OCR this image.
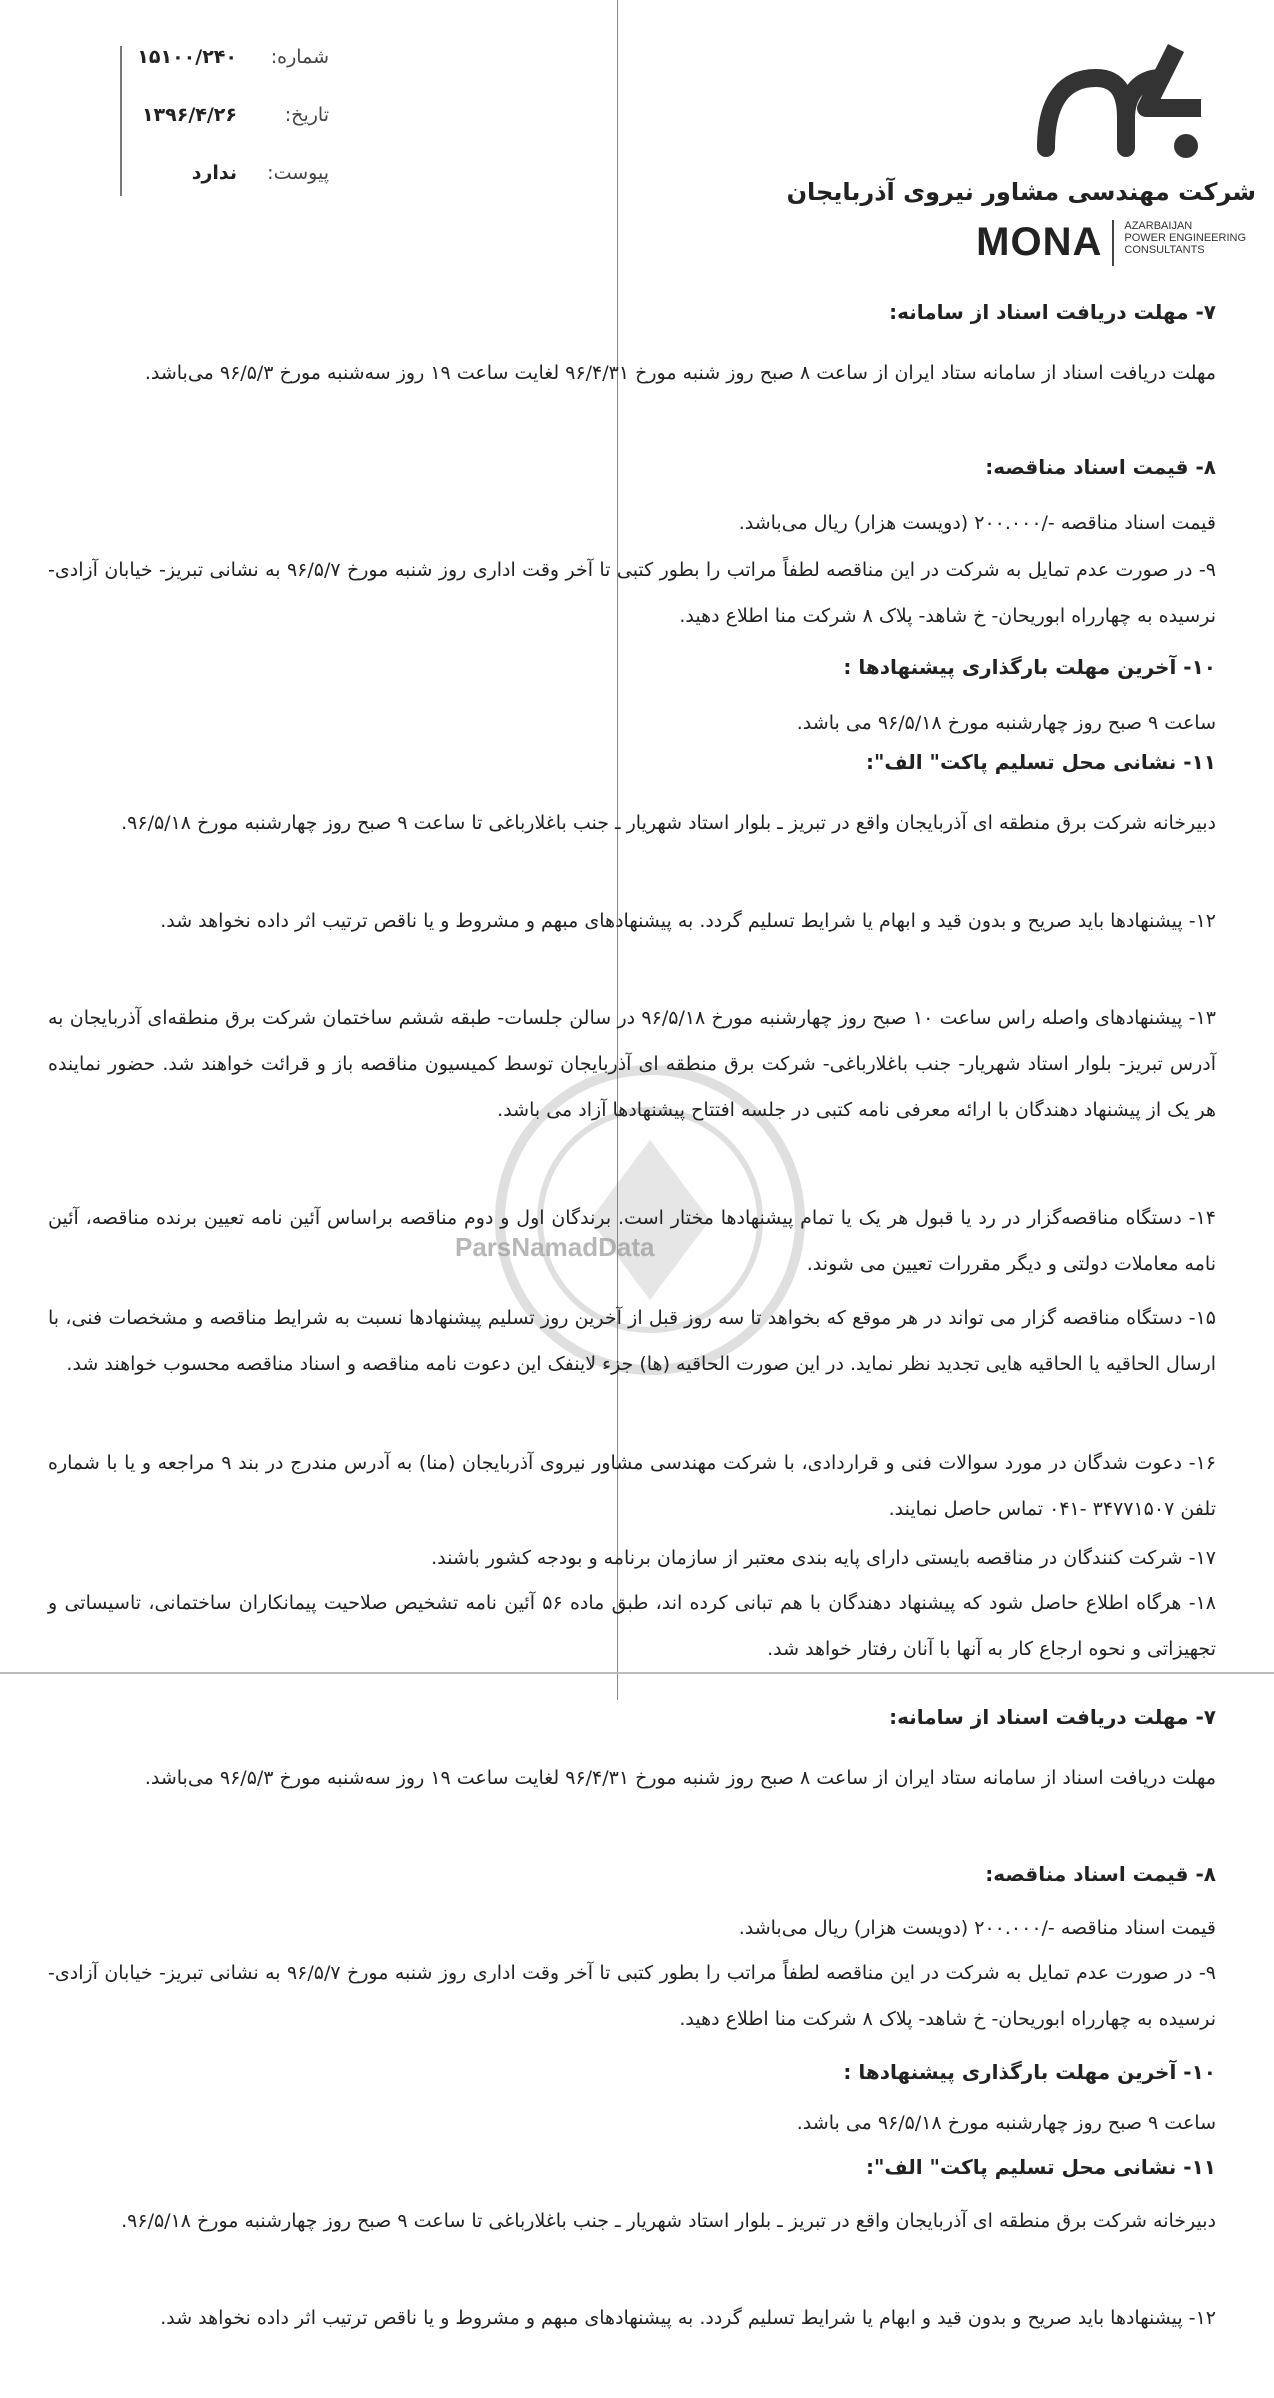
شرکت مهندسی مشاور نیروی آذربایجان
MONA AZARBAIJAN
POWER ENGINEERING
CONSULTANTS
شماره:
۱۵۱۰۰/۲۴۰
تاریخ:
۱۳۹۶/۴/۲۶
پیوست:
ندارد
ParsNamadData
۷- مهلت دریافت اسناد از سامانه:
مهلت دریافت اسناد از سامانه ستاد ایران از ساعت ۸ صبح روز شنبه مورخ ۹۶/۴/۳۱ لغایت ساعت ۱۹ روز سه‌شنبه مورخ ۹۶/۵/۳ می‌باشد.
۸- قیمت اسناد مناقصه:
قیمت اسناد مناقصه -/۲۰۰.۰۰۰ (دویست هزار) ریال می‌باشد.
۹- در صورت عدم تمایل به شرکت در این مناقصه لطفاً مراتب را بطور کتبی تا آخر وقت اداری روز شنبه مورخ ۹۶/۵/۷ به نشانی تبریز- خیابان آزادی- نرسیده به چهارراه ابوریحان- خ شاهد- پلاک ۸ شرکت منا اطلاع دهید.
۱۰- آخرین مهلت بارگذاری پیشنهادها :
ساعت ۹ صبح روز چهارشنبه مورخ ۹۶/۵/۱۸ می باشد.
۱۱- نشانی محل تسلیم پاکت" الف":
دبیرخانه شرکت برق منطقه ای آذربایجان واقع در تبریز ـ بلوار استاد شهریار ـ جنب باغلارباغی تا ساعت ۹ صبح روز چهارشنبه مورخ ۹۶/۵/۱۸.
۱۲- پیشنهادها باید صریح و بدون قید و ابهام یا شرایط تسلیم گردد. به پیشنهادهای مبهم و مشروط و یا ناقص ترتیب اثر داده نخواهد شد.
۱۳- پیشنهادهای واصله راس ساعت ۱۰ صبح روز چهارشنبه مورخ ۹۶/۵/۱۸ در سالن جلسات- طبقه ششم ساختمان شرکت برق منطقه‌ای آذربایجان به آدرس تبریز- بلوار استاد شهریار- جنب باغلارباغی- شرکت برق منطقه ای آذربایجان توسط کمیسیون مناقصه باز و قرائت خواهند شد. حضور نماینده هر یک از پیشنهاد دهندگان با ارائه معرفی نامه کتبی در جلسه افتتاح پیشنهادها آزاد می باشد.
۱۴- دستگاه مناقصه‌گزار در رد یا قبول هر یک یا تمام پیشنهادها مختار است. برندگان اول و دوم مناقصه براساس آئین نامه تعیین برنده مناقصه، آئین نامه معاملات دولتی و دیگر مقررات تعیین می شوند.
۱۵- دستگاه مناقصه گزار می تواند در هر موقع که بخواهد تا سه روز قبل از آخرین روز تسلیم پیشنهادها نسبت به شرایط مناقصه و مشخصات فنی، با ارسال الحاقیه یا الحاقیه هایی تجدید نظر نماید. در این صورت الحاقیه (ها) جزء لاینفک این دعوت نامه مناقصه و اسناد مناقصه محسوب خواهند شد.
۱۶- دعوت شدگان در مورد سوالات فنی و قراردادی، با شرکت مهندسی مشاور نیروی آذربایجان (منا) به آدرس مندرج در بند ۹ مراجعه و یا با شماره تلفن ۳۴۷۷۱۵۰۷ -۰۴۱ تماس حاصل نمایند.
۱۷- شرکت کنندگان در مناقصه بایستی دارای پایه بندی معتبر از سازمان برنامه و بودجه کشور باشند.
۱۸- هرگاه اطلاع حاصل شود که پیشنهاد دهندگان با هم تبانی کرده اند، طبق ماده ۵۶ آئین نامه تشخیص صلاحیت پیمانکاران ساختمانی، تاسیساتی و تجهیزاتی و نحوه ارجاع کار به آنها با آنان رفتار خواهد شد.
۷- مهلت دریافت اسناد از سامانه:
مهلت دریافت اسناد از سامانه ستاد ایران از ساعت ۸ صبح روز شنبه مورخ ۹۶/۴/۳۱ لغایت ساعت ۱۹ روز سه‌شنبه مورخ ۹۶/۵/۳ می‌باشد.
۸- قیمت اسناد مناقصه:
قیمت اسناد مناقصه -/۲۰۰.۰۰۰ (دویست هزار) ریال می‌باشد.
۹- در صورت عدم تمایل به شرکت در این مناقصه لطفاً مراتب را بطور کتبی تا آخر وقت اداری روز شنبه مورخ ۹۶/۵/۷ به نشانی تبریز- خیابان آزادی- نرسیده به چهارراه ابوریحان- خ شاهد- پلاک ۸ شرکت منا اطلاع دهید.
۱۰- آخرین مهلت بارگذاری پیشنهادها :
ساعت ۹ صبح روز چهارشنبه مورخ ۹۶/۵/۱۸ می باشد.
۱۱- نشانی محل تسلیم پاکت" الف":
دبیرخانه شرکت برق منطقه ای آذربایجان واقع در تبریز ـ بلوار استاد شهریار ـ جنب باغلارباغی تا ساعت ۹ صبح روز چهارشنبه مورخ ۹۶/۵/۱۸.
۱۲- پیشنهادها باید صریح و بدون قید و ابهام یا شرایط تسلیم گردد. به پیشنهادهای مبهم و مشروط و یا ناقص ترتیب اثر داده نخواهد شد.
